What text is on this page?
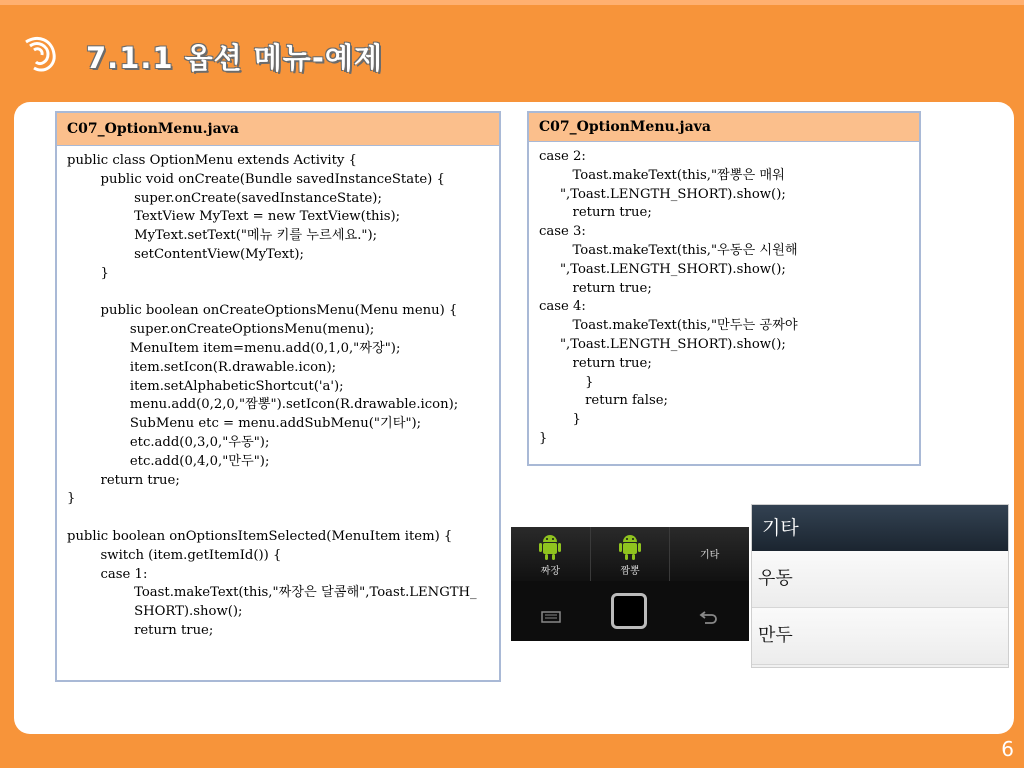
7.1.1 옵션 메뉴-예제
C07_OptionMenu.java
public class OptionMenu extends Activity {
public void onCreate(Bundle savedInstanceState) {
super.onCreate(savedInstanceState);
TextView MyText = new TextView(this);
MyText.setText("메뉴 키를 누르세요.");
setContentView(MyText);
}

public boolean onCreateOptionsMenu(Menu menu) {
super.onCreateOptionsMenu(menu);
MenuItem item=menu.add(0,1,0,"짜장");
item.setIcon(R.drawable.icon);
item.setAlphabeticShortcut('a');
menu.add(0,2,0,"짬뽕").setIcon(R.drawable.icon);
SubMenu etc = menu.addSubMenu("기타");
etc.add(0,3,0,"우동");
etc.add(0,4,0,"만두");
return true;
}

public boolean onOptionsItemSelected(MenuItem item) {
switch (item.getItemId()) {
case 1:
Toast.makeText(this,"짜장은 달콤해",Toast.LENGTH_
SHORT).show();
return true;
C07_OptionMenu.java
case 2:
Toast.makeText(this,"짬뽕은 매워
",Toast.LENGTH_SHORT).show();
return true;
case 3:
Toast.makeText(this,"우동은 시원해
",Toast.LENGTH_SHORT).show();
return true;
case 4:
Toast.makeText(this,"만두는 공짜야
",Toast.LENGTH_SHORT).show();
return true;
}
return false;
}
}
짜장	짬뽕
기타
기타
우동
만두
6
